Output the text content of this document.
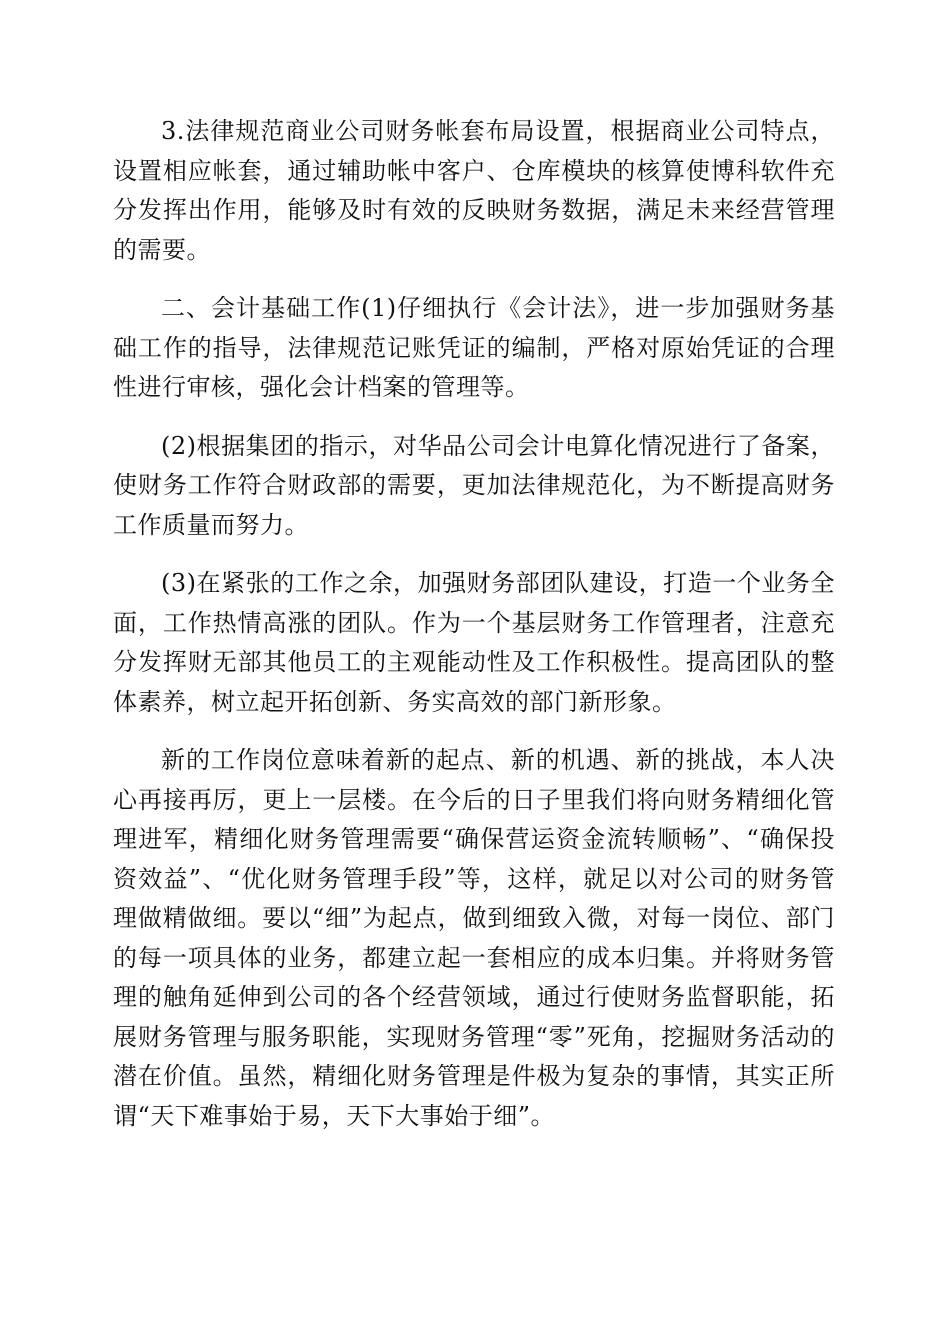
3.法律规范商业公司财务帐套布局设置，根据商业公司特点，设置相应帐套，通过辅助帐中客户、仓库模块的核算使博科软件充分发挥出作用，能够及时有效的反映财务数据，满足未来经营管理的需要。

二、会计基础工作(1)仔细执行《会计法》，进一步加强财务基础工作的指导，法律规范记账凭证的编制，严格对原始凭证的合理性进行审核，强化会计档案的管理等。

(2)根据集团的指示，对华品公司会计电算化情况进行了备案，使财务工作符合财政部的需要，更加法律规范化，为不断提高财务工作质量而努力。

(3)在紧张的工作之余，加强财务部团队建设，打造一个业务全面，工作热情高涨的团队。作为一个基层财务工作管理者，注意充分发挥财无部其他员工的主观能动性及工作积极性。提高团队的整体素养，树立起开拓创新、务实高效的部门新形象。

新的工作岗位意味着新的起点、新的机遇、新的挑战，本人决心再接再厉，更上一层楼。在今后的日子里我们将向财务精细化管理进军，精细化财务管理需要“确保营运资金流转顺畅”、“确保投资效益”、“优化财务管理手段”等，这样，就足以对公司的财务管理做精做细。要以“细”为起点，做到细致入微，对每一岗位、部门的每一项具体的业务，都建立起一套相应的成本归集。并将财务管理的触角延伸到公司的各个经营领域，通过行使财务监督职能，拓展财务管理与服务职能，实现财务管理“零”死角，挖掘财务活动的潜在价值。虽然，精细化财务管理是件极为复杂的事情，其实正所谓“天下难事始于易，天下大事始于细”。
